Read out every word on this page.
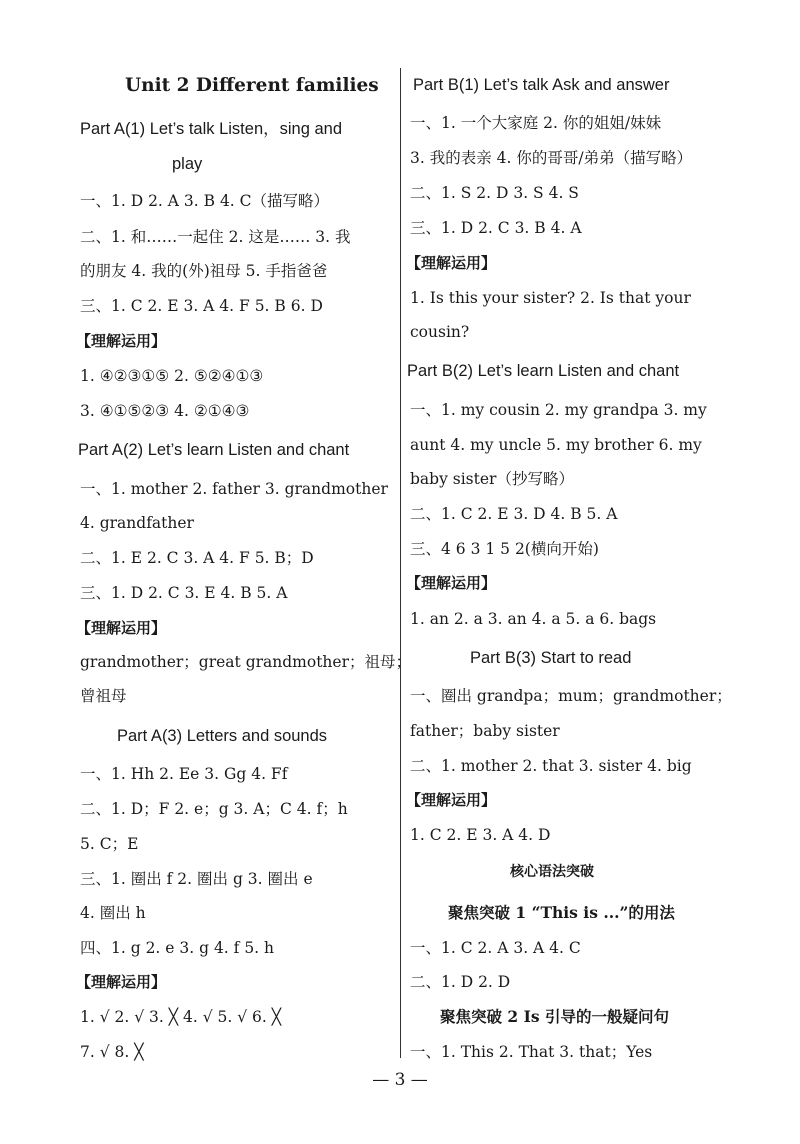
Unit 2 Different families
Part A(1) Let’s talk Listen，sing and
play
一、1. D 2. A 3. B 4. C（描写略）
二、1. 和……一起住 2. 这是…… 3. 我
的朋友 4. 我的(外)祖母 5. 手指爸爸
三、1. C 2. E 3. A 4. F 5. B 6. D
【理解运用】
1. ④②③①⑤ 2. ⑤②④①③
3. ④①⑤②③ 4. ②①④③
Part A(2) Let’s learn Listen and chant
一、1. mother 2. father 3. grandmother
4. grandfather
二、1. E 2. C 3. A 4. F 5. B；D
三、1. D 2. C 3. E 4. B 5. A
【理解运用】
grandmother；great grandmother；祖母；
曾祖母
Part A(3) Letters and sounds
一、1. Hh 2. Ee 3. Gg 4. Ff
二、1. D；F 2. e；g 3. A；C 4. f；h
5. C；E
三、1. 圈出 f 2. 圈出 g 3. 圈出 e
4. 圈出 h
四、1. g 2. e 3. g 4. f 5. h
【理解运用】
1. √ 2. √ 3. ╳ 4. √ 5. √ 6. ╳
7. √ 8. ╳
Part B(1) Let’s talk Ask and answer
一、1. 一个大家庭 2. 你的姐姐/妹妹
3. 我的表亲 4. 你的哥哥/弟弟（描写略）
二、1. S 2. D 3. S 4. S
三、1. D 2. C 3. B 4. A
【理解运用】
1. Is this your sister? 2. Is that your
cousin?
Part B(2) Let’s learn Listen and chant
一、1. my cousin 2. my grandpa 3. my
aunt 4. my uncle 5. my brother 6. my
baby sister（抄写略）
二、1. C 2. E 3. D 4. B 5. A
三、4 6 3 1 5 2(横向开始)
【理解运用】
1. an 2. a 3. an 4. a 5. a 6. bags
Part B(3) Start to read
一、圈出 grandpa；mum；grandmother；
father；baby sister
二、1. mother 2. that 3. sister 4. big
【理解运用】
1. C 2. E 3. A 4. D
核心语法突破
聚焦突破 1 “This is ...”的用法
一、1. C 2. A 3. A 4. C
二、1. D 2. D
聚焦突破 2 Is 引导的一般疑问句
一、1. This 2. That 3. that；Yes
— 3 —
